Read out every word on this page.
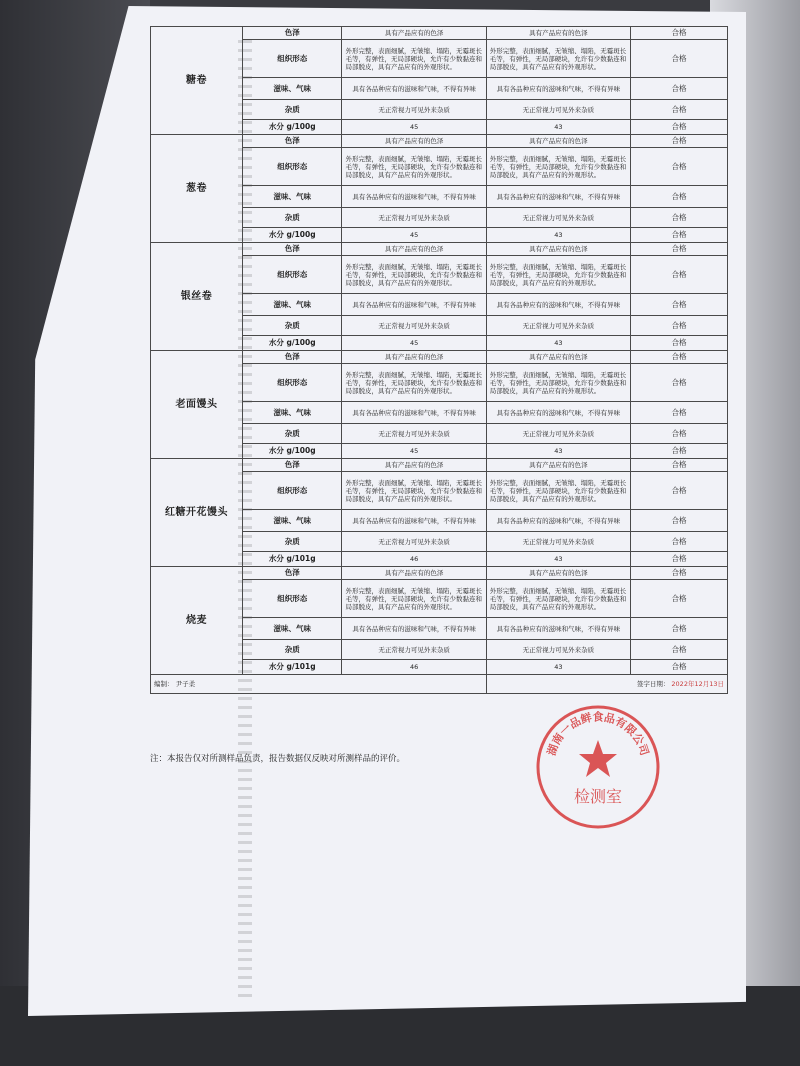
糖卷	色泽	具有产品应有的色泽	具有产品应有的色泽	合格
	组织形态	外形完整，表面细腻，无皱缩、塌陷，无霉斑长毛等，有弹性，无局部硬块，允许有少数黏连和局部脱皮，具有产品应有的外观形状。	外形完整，表面细腻，无皱缩、塌陷，无霉斑长毛等，有弹性，无局部硬块，允许有少数黏连和局部脱皮，具有产品应有的外观形状。	合格
	滋味、气味	具有各品种应有的滋味和气味，不得有异味	具有各品种应有的滋味和气味，不得有异味	合格
	杂质	无正常视力可见外来杂质	无正常视力可见外来杂质	合格
	水分 g/100g	45	43	合格
葱卷	色泽	具有产品应有的色泽	具有产品应有的色泽	合格
	组织形态	外形完整，表面细腻，无皱缩、塌陷，无霉斑长毛等，有弹性，无局部硬块，允许有少数黏连和局部脱皮，具有产品应有的外观形状。	外形完整，表面细腻，无皱缩、塌陷，无霉斑长毛等，有弹性，无局部硬块，允许有少数黏连和局部脱皮，具有产品应有的外观形状。	合格
	滋味、气味	具有各品种应有的滋味和气味，不得有异味	具有各品种应有的滋味和气味，不得有异味	合格
	杂质	无正常视力可见外来杂质	无正常视力可见外来杂质	合格
	水分 g/100g	45	43	合格
银丝卷	色泽	具有产品应有的色泽	具有产品应有的色泽	合格
	组织形态	外形完整，表面细腻，无皱缩、塌陷，无霉斑长毛等，有弹性，无局部硬块，允许有少数黏连和局部脱皮，具有产品应有的外观形状。	外形完整，表面细腻，无皱缩、塌陷，无霉斑长毛等，有弹性，无局部硬块，允许有少数黏连和局部脱皮，具有产品应有的外观形状。	合格
	滋味、气味	具有各品种应有的滋味和气味，不得有异味	具有各品种应有的滋味和气味，不得有异味	合格
	杂质	无正常视力可见外来杂质	无正常视力可见外来杂质	合格
	水分 g/100g	45	43	合格
老面馒头	色泽	具有产品应有的色泽	具有产品应有的色泽	合格
	组织形态	外形完整，表面细腻，无皱缩、塌陷，无霉斑长毛等，有弹性，无局部硬块，允许有少数黏连和局部脱皮，具有产品应有的外观形状。	外形完整，表面细腻，无皱缩、塌陷，无霉斑长毛等，有弹性，无局部硬块，允许有少数黏连和局部脱皮，具有产品应有的外观形状。	合格
	滋味、气味	具有各品种应有的滋味和气味，不得有异味	具有各品种应有的滋味和气味，不得有异味	合格
	杂质	无正常视力可见外来杂质	无正常视力可见外来杂质	合格
	水分 g/100g	45	43	合格
红糖开花馒头	色泽	具有产品应有的色泽	具有产品应有的色泽	合格
	组织形态	外形完整，表面细腻，无皱缩、塌陷，无霉斑长毛等，有弹性，无局部硬块，允许有少数黏连和局部脱皮，具有产品应有的外观形状。	外形完整，表面细腻，无皱缩、塌陷，无霉斑长毛等，有弹性，无局部硬块，允许有少数黏连和局部脱皮，具有产品应有的外观形状。	合格
	滋味、气味	具有各品种应有的滋味和气味，不得有异味	具有各品种应有的滋味和气味，不得有异味	合格
	杂质	无正常视力可见外来杂质	无正常视力可见外来杂质	合格
	水分 g/101g	46	43	合格
烧麦	色泽	具有产品应有的色泽	具有产品应有的色泽	合格
	组织形态	外形完整，表面细腻，无皱缩、塌陷，无霉斑长毛等，有弹性，无局部硬块，允许有少数黏连和局部脱皮，具有产品应有的外观形状。	外形完整，表面细腻，无皱缩、塌陷，无霉斑长毛等，有弹性，无局部硬块，允许有少数黏连和局部脱皮，具有产品应有的外观形状。	合格
	滋味、气味	具有各品种应有的滋味和气味，不得有异味	具有各品种应有的滋味和气味，不得有异味	合格
	杂质	无正常视力可见外来杂质	无正常视力可见外来杂质	合格
	水分 g/101g	46	43	合格
编制： 尹子柔			签字日期： 2022年12月13日	
注：本报告仅对所测样品负责，报告数据仅反映对所测样品的评价。
湖南一品鲜食品有限公司
检测室
